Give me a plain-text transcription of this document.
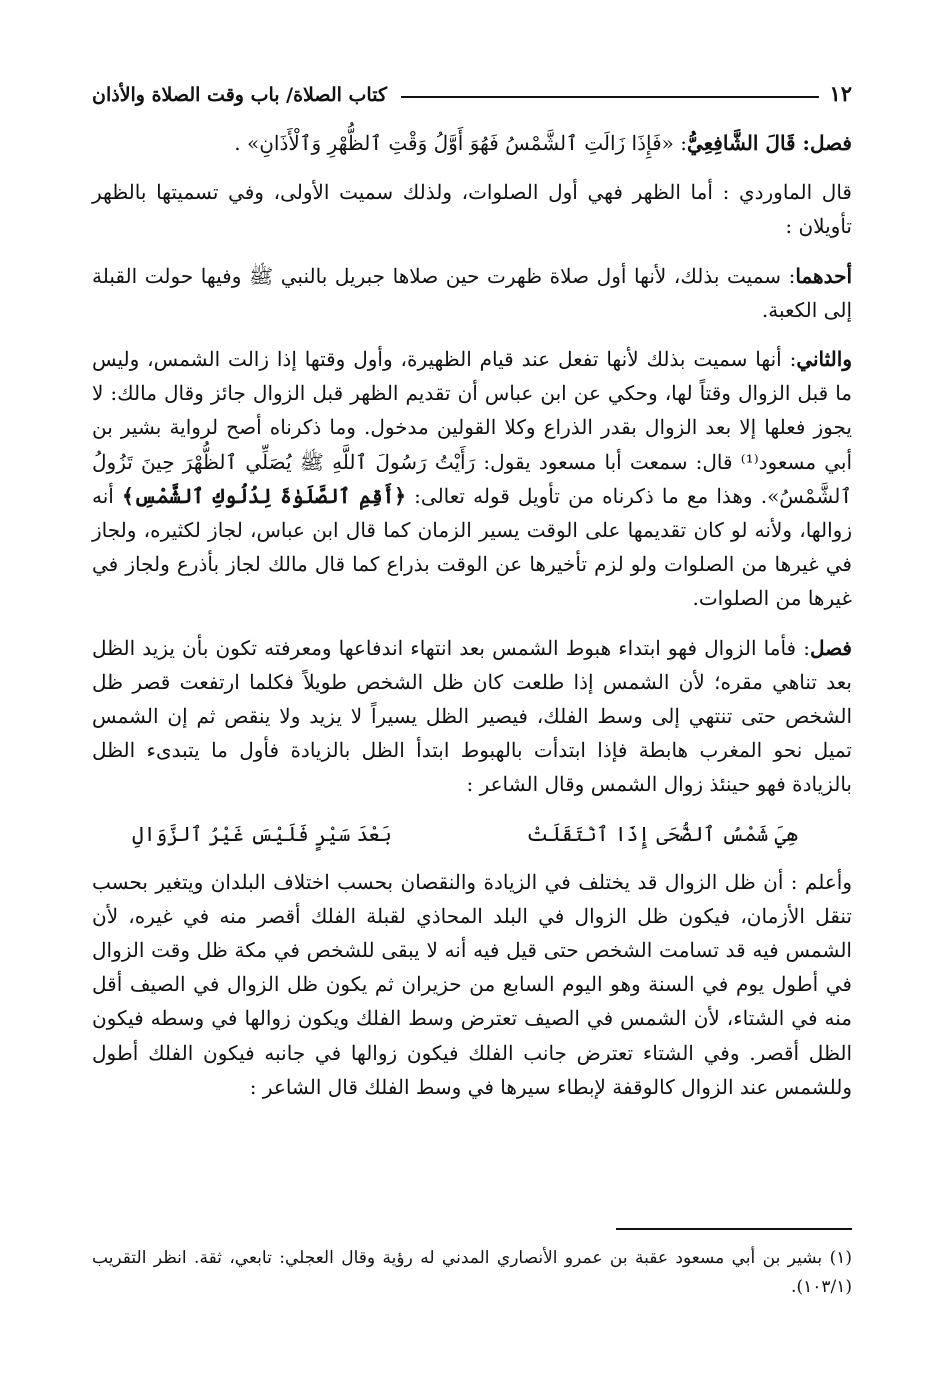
١٢
كتاب الصلاة/ باب وقت الصلاة والأذان

فصل: قَالَ الشَّافِعِيُّ: «فَإِذَا زَالَتِ ٱلشَّمْسُ فَهُوَ أَوَّلُ وَقْتِ ٱلظُّهْرِ وَٱلْأَذَانِ» .

قال الماوردي : أما الظهر فهي أول الصلوات، ولذلك سميت الأولى، وفي تسميتها بالظهر تأويلان :

أحدهما: سميت بذلك، لأنها أول صلاة ظهرت حين صلاها جبريل بالنبي ﷺ وفيها حولت القبلة إلى الكعبة.

والثاني: أنها سميت بذلك لأنها تفعل عند قيام الظهيرة، وأول وقتها إذا زالت الشمس، وليس ما قبل الزوال وقتاً لها، وحكي عن ابن عباس أن تقديم الظهر قبل الزوال جائز وقال مالك: لا يجوز فعلها إلا بعد الزوال بقدر الذراع وكلا القولين مدخول. وما ذكرناه أصح لرواية بشير بن أبي مسعود⁽¹⁾ قال: سمعت أبا مسعود يقول: رَأَيْتُ رَسُولَ ٱللَّهِ ﷺ يُصَلِّي ٱلظُّهْرَ حِينَ تَزُولُ ٱلشَّمْسُ». وهذا مع ما ذكرناه من تأويل قوله تعالى: ﴿أَقِمِ ٱلصَّلَوٰةَ لِدُلُوكِ ٱلشَّمْسِ﴾ أنه زوالها، ولأنه لو كان تقديمها على الوقت يسير الزمان كما قال ابن عباس، لجاز لكثيره، ولجاز في غيرها من الصلوات ولو لزم تأخيرها عن الوقت بذراع كما قال مالك لجاز بأذرع ولجاز في غيرها من الصلوات.

فصل: فأما الزوال فهو ابتداء هبوط الشمس بعد انتهاء اندفاعها ومعرفته تكون بأن يزيد الظل بعد تناهي مقره؛ لأن الشمس إذا طلعت كان ظل الشخص طويلاً فكلما ارتفعت قصر ظل الشخص حتى تنتهي إلى وسط الفلك، فيصير الظل يسيراً لا يزيد ولا ينقص ثم إن الشمس تميل نحو المغرب هابطة فإذا ابتدأت بالهبوط ابتدأ الظل بالزيادة فأول ما يتبدىء الظل بالزيادة فهو حينئذ زوال الشمس وقال الشاعر :

هِيَ شَمْسُ ٱلضُّحَى إِذَا ٱنْتَقَلَتْ
بَعْدَ سَيْرٍ فَلَيْسَ غَيْرُ ٱلزَّوَالِ

وأعلم : أن ظل الزوال قد يختلف في الزيادة والنقصان بحسب اختلاف البلدان ويتغير بحسب تنقل الأزمان، فيكون ظل الزوال في البلد المحاذي لقبلة الفلك أقصر منه في غيره، لأن الشمس فيه قد تسامت الشخص حتى قيل فيه أنه لا يبقى للشخص في مكة ظل وقت الزوال في أطول يوم في السنة وهو اليوم السابع من حزيران ثم يكون ظل الزوال في الصيف أقل منه في الشتاء، لأن الشمس في الصيف تعترض وسط الفلك ويكون زوالها في وسطه فيكون الظل أقصر. وفي الشتاء تعترض جانب الفلك فيكون زوالها في جانبه فيكون الفلك أطول وللشمس عند الزوال كالوقفة لإبطاء سيرها في وسط الفلك قال الشاعر :

(١) بشير بن أبي مسعود عقبة بن عمرو الأنصاري المدني له رؤية وقال العجلي: تابعي، ثقة. انظر التقريب (١٠٣/١).
